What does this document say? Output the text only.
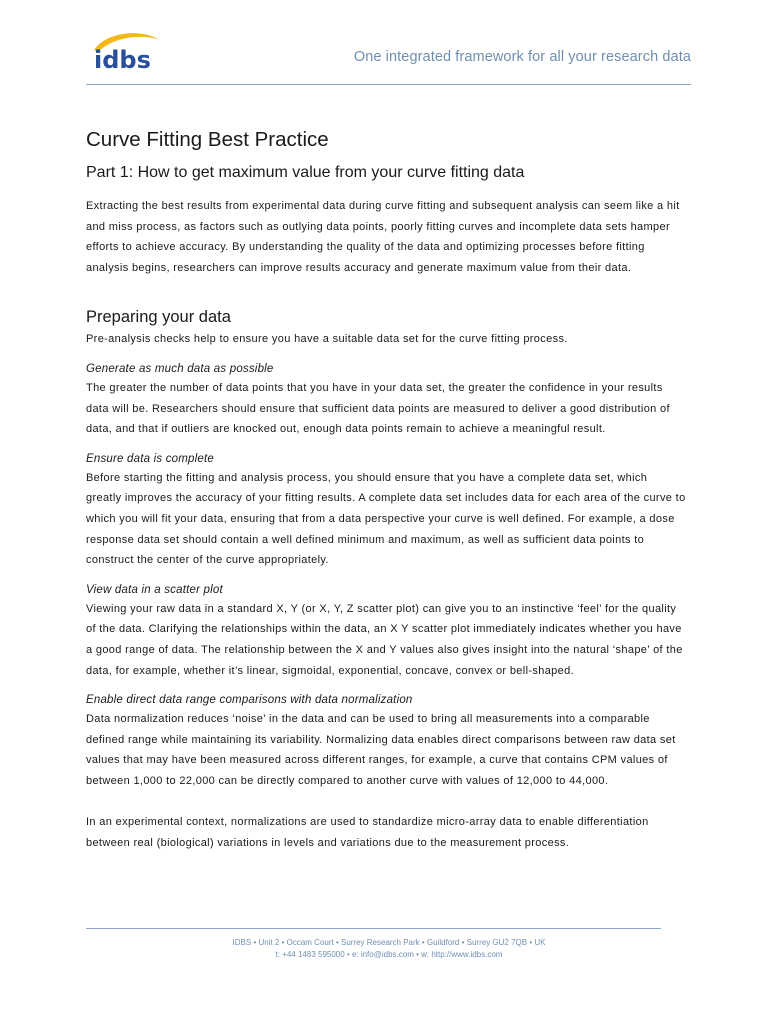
idbs	One integrated framework for all your research data
Curve Fitting Best Practice
Part 1: How to get maximum value from your curve fitting data

Extracting the best results from experimental data during curve fitting and subsequent analysis can seem like a hit and miss process, as factors such as outlying data points, poorly fitting curves and incomplete data sets hamper efforts to achieve accuracy. By understanding the quality of the data and optimizing processes before fitting analysis begins, researchers can improve results accuracy and generate maximum value from their data.

Preparing your data

Pre-analysis checks help to ensure you have a suitable data set for the curve fitting process.

Generate as much data as possible

The greater the number of data points that you have in your data set, the greater the confidence in your results data will be. Researchers should ensure that sufficient data points are measured to deliver a good distribution of data, and that if outliers are knocked out, enough data points remain to achieve a meaningful result.

Ensure data is complete

Before starting the fitting and analysis process, you should ensure that you have a complete data set, which greatly improves the accuracy of your fitting results. A complete data set includes data for each area of the curve to which you will fit your data, ensuring that from a data perspective your curve is well defined. For example, a dose response data set should contain a well defined minimum and maximum, as well as sufficient data points to construct the center of the curve appropriately.

View data in a scatter plot

Viewing your raw data in a standard X, Y (or X, Y, Z scatter plot) can give you to an instinctive ‘feel’ for the quality of the data. Clarifying the relationships within the data, an X Y scatter plot immediately indicates whether you have a good range of data. The relationship between the X and Y values also gives insight into the natural ‘shape’ of the data, for example, whether it’s linear, sigmoidal, exponential, concave, convex or bell-shaped.

Enable direct data range comparisons with data normalization

Data normalization reduces ‘noise’ in the data and can be used to bring all measurements into a comparable defined range while maintaining its variability. Normalizing data enables direct comparisons between raw data set values that may have been measured across different ranges, for example, a curve that contains CPM values of between 1,000 to 22,000 can be directly compared to another curve with values of 12,000 to 44,000.

In an experimental context, normalizations are used to standardize micro-array data to enable differentiation between real (biological) variations in levels and variations due to the measurement process.

IDBS • Unit 2 • Occam Court • Surrey Research Park • Guildford • Surrey GU2 7QB • UK
t: +44 1483 595000 • e: info@idbs.com • w: http://www.idbs.com
